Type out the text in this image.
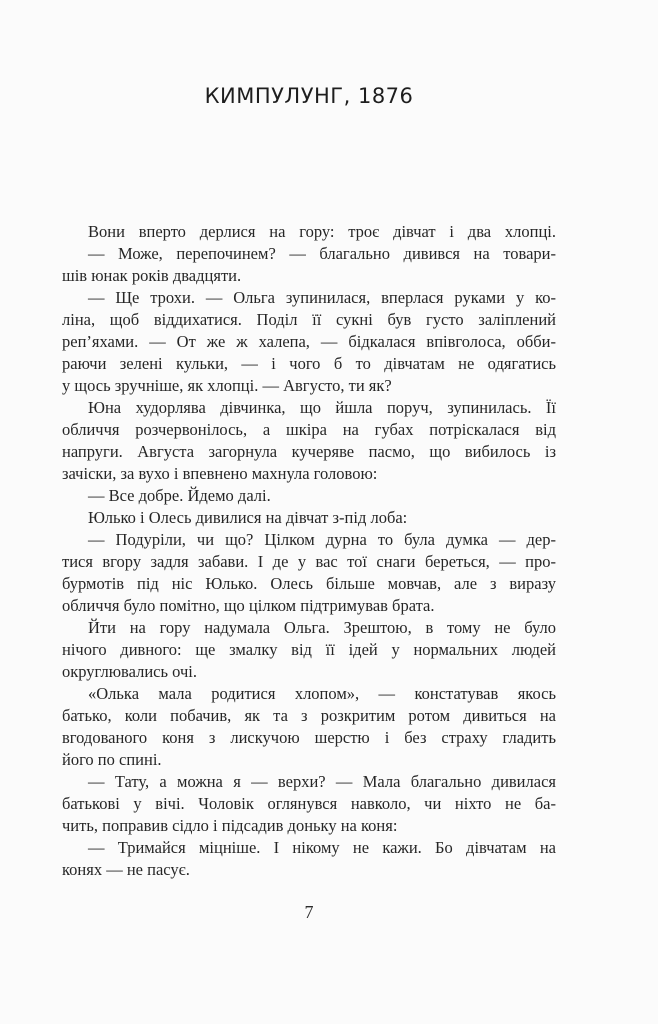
КИМПУЛУНГ, 1876
Вони вперто дерлися на гору: троє дівчат і два хлопці.
— Може, перепочинем? — благально дивився на товари-
шів юнак років двадцяти.
— Ще трохи. — Ольга зупинилася, вперлася руками у ко-
ліна, щоб віддихатися. Поділ її сукні був густо заліплений
реп’яхами. — От же ж халепа, — бідкалася впівголоса, обби-
раючи зелені кульки, — і чого б то дівчатам не одягатись
у щось зручніше, як хлопці. — Августо, ти як?
Юна худорлява дівчинка, що йшла поруч, зупинилась. Її
обличчя розчервонілось, а шкіра на губах потріскалася від
напруги. Августа загорнула кучеряве пасмо, що вибилось із
зачіски, за вухо і впевнено махнула головою:
— Все добре. Йдемо далі.
Юлько і Олесь дивилися на дівчат з-під лоба:
— Подуріли, чи що? Цілком дурна то була думка — дер-
тися вгору задля забави. І де у вас тої снаги береться, — про-
бурмотів під ніс Юлько. Олесь більше мовчав, але з виразу
обличчя було помітно, що цілком підтримував брата.
Йти на гору надумала Ольга. Зрештою, в тому не було
нічого дивного: ще змалку від її ідей у нормальних людей
округлювались очі.
«Олька мала родитися хлопом», — констатував якось
батько, коли побачив, як та з розкритим ротом дивиться на
вгодованого коня з лискучою шерстю і без страху гладить
його по спині.
— Тату, а можна я — верхи? — Мала благально дивилася
батькові у вічі. Чоловік оглянувся навколо, чи ніхто не ба-
чить, поправив сідло і підсадив доньку на коня:
— Тримайся міцніше. І нікому не кажи. Бо дівчатам на
конях — не пасує.
7
